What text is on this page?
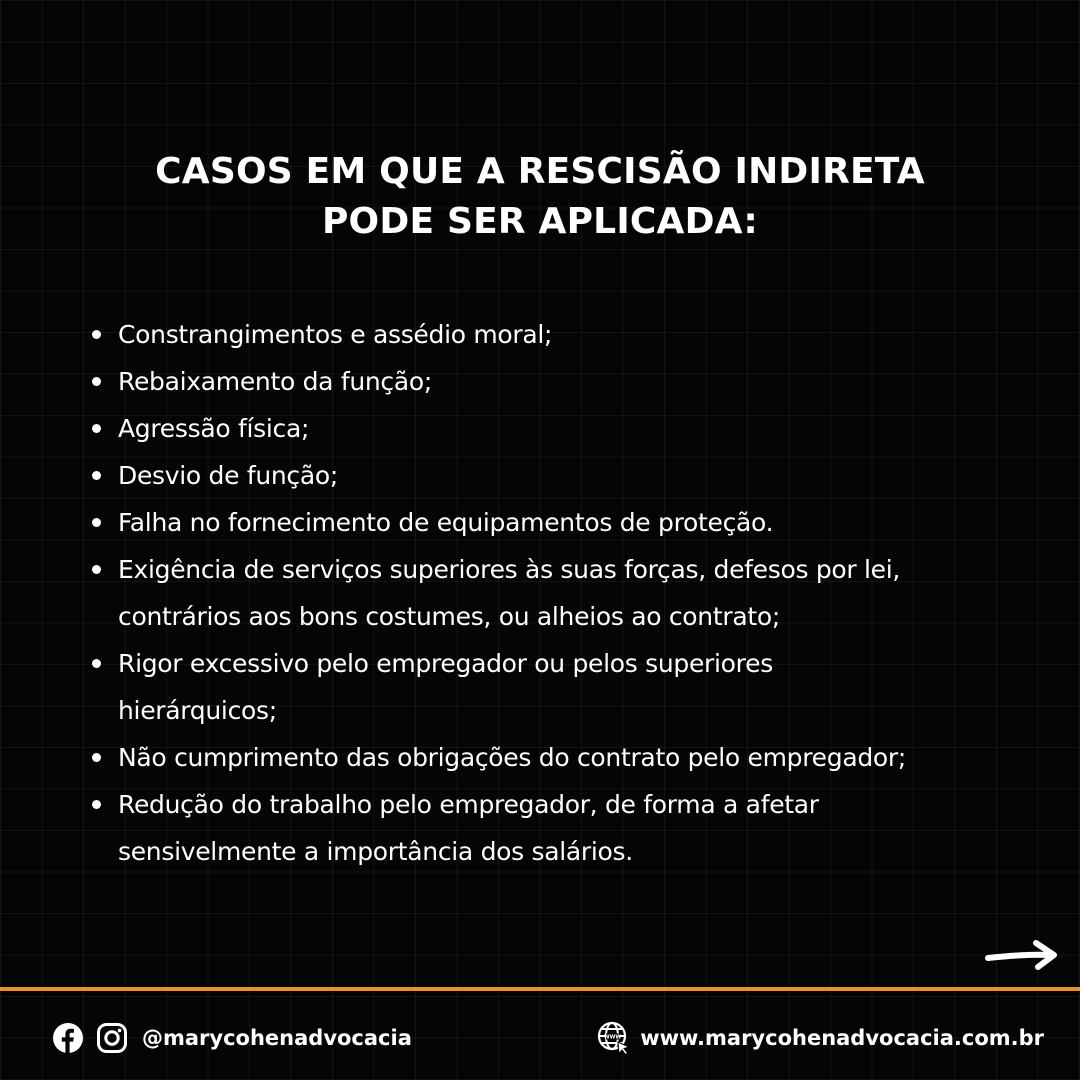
CASOS EM QUE A RESCISÃO INDIRETA
PODE SER APLICADA:
Constrangimentos e assédio moral;
Rebaixamento da função;
Agressão física;
Desvio de função;
Falha no fornecimento de equipamentos de proteção.
Exigência de serviços superiores às suas forças, defesos por lei,
contrários aos bons costumes, ou alheios ao contrato;
Rigor excessivo pelo empregador ou pelos superiores
hierárquicos;
Não cumprimento das obrigações do contrato pelo empregador;
Redução do trabalho pelo empregador, de forma a afetar
sensivelmente a importância dos salários.
@marycohenadvocacia	WWW www.marycohenadvocacia.com.br
